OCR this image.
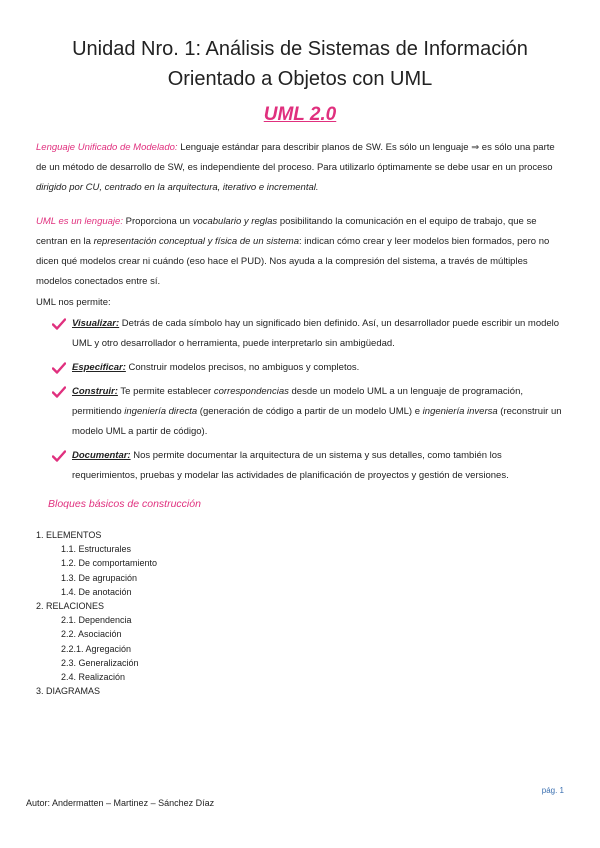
Unidad Nro. 1: Análisis de Sistemas de Información
Orientado a Objetos con UML
UML 2.0
Lenguaje Unificado de Modelado: Lenguaje estándar para describir planos de SW. Es sólo un lenguaje ⇒ es sólo una parte de un método de desarrollo de SW, es independiente del proceso. Para utilizarlo óptimamente se debe usar en un proceso dirigido por CU, centrado en la arquitectura, iterativo e incremental.
UML es un lenguaje: Proporciona un vocabulario y reglas posibilitando la comunicación en el equipo de trabajo, que se centran en la representación conceptual y física de un sistema: indican cómo crear y leer modelos bien formados, pero no dicen qué modelos crear ni cuándo (eso hace el PUD). Nos ayuda a la compresión del sistema, a través de múltiples modelos conectados entre sí.
UML nos permite:
Visualizar: Detrás de cada símbolo hay un significado bien definido. Así, un desarrollador puede escribir un modelo UML y otro desarrollador o herramienta, puede interpretarlo sin ambigüedad.
Especificar: Construir modelos precisos, no ambiguos y completos.
Construir: Te permite establecer correspondencias desde un modelo UML a un lenguaje de programación, permitiendo ingeniería directa (generación de código a partir de un modelo UML) e ingeniería inversa (reconstruir un modelo UML a partir de código).
Documentar: Nos permite documentar la arquitectura de un sistema y sus detalles, como también los requerimientos, pruebas y modelar las actividades de planificación de proyectos y gestión de versiones.
Bloques básicos de construcción
1. ELEMENTOS
1.1. Estructurales
1.2. De comportamiento
1.3. De agrupación
1.4. De anotación
2. RELACIONES
2.1. Dependencia
2.2. Asociación
2.2.1. Agregación
2.3. Generalización
2.4. Realización
3. DIAGRAMAS
pág. 1
Autor: Andermatten – Martinez – Sánchez Díaz
